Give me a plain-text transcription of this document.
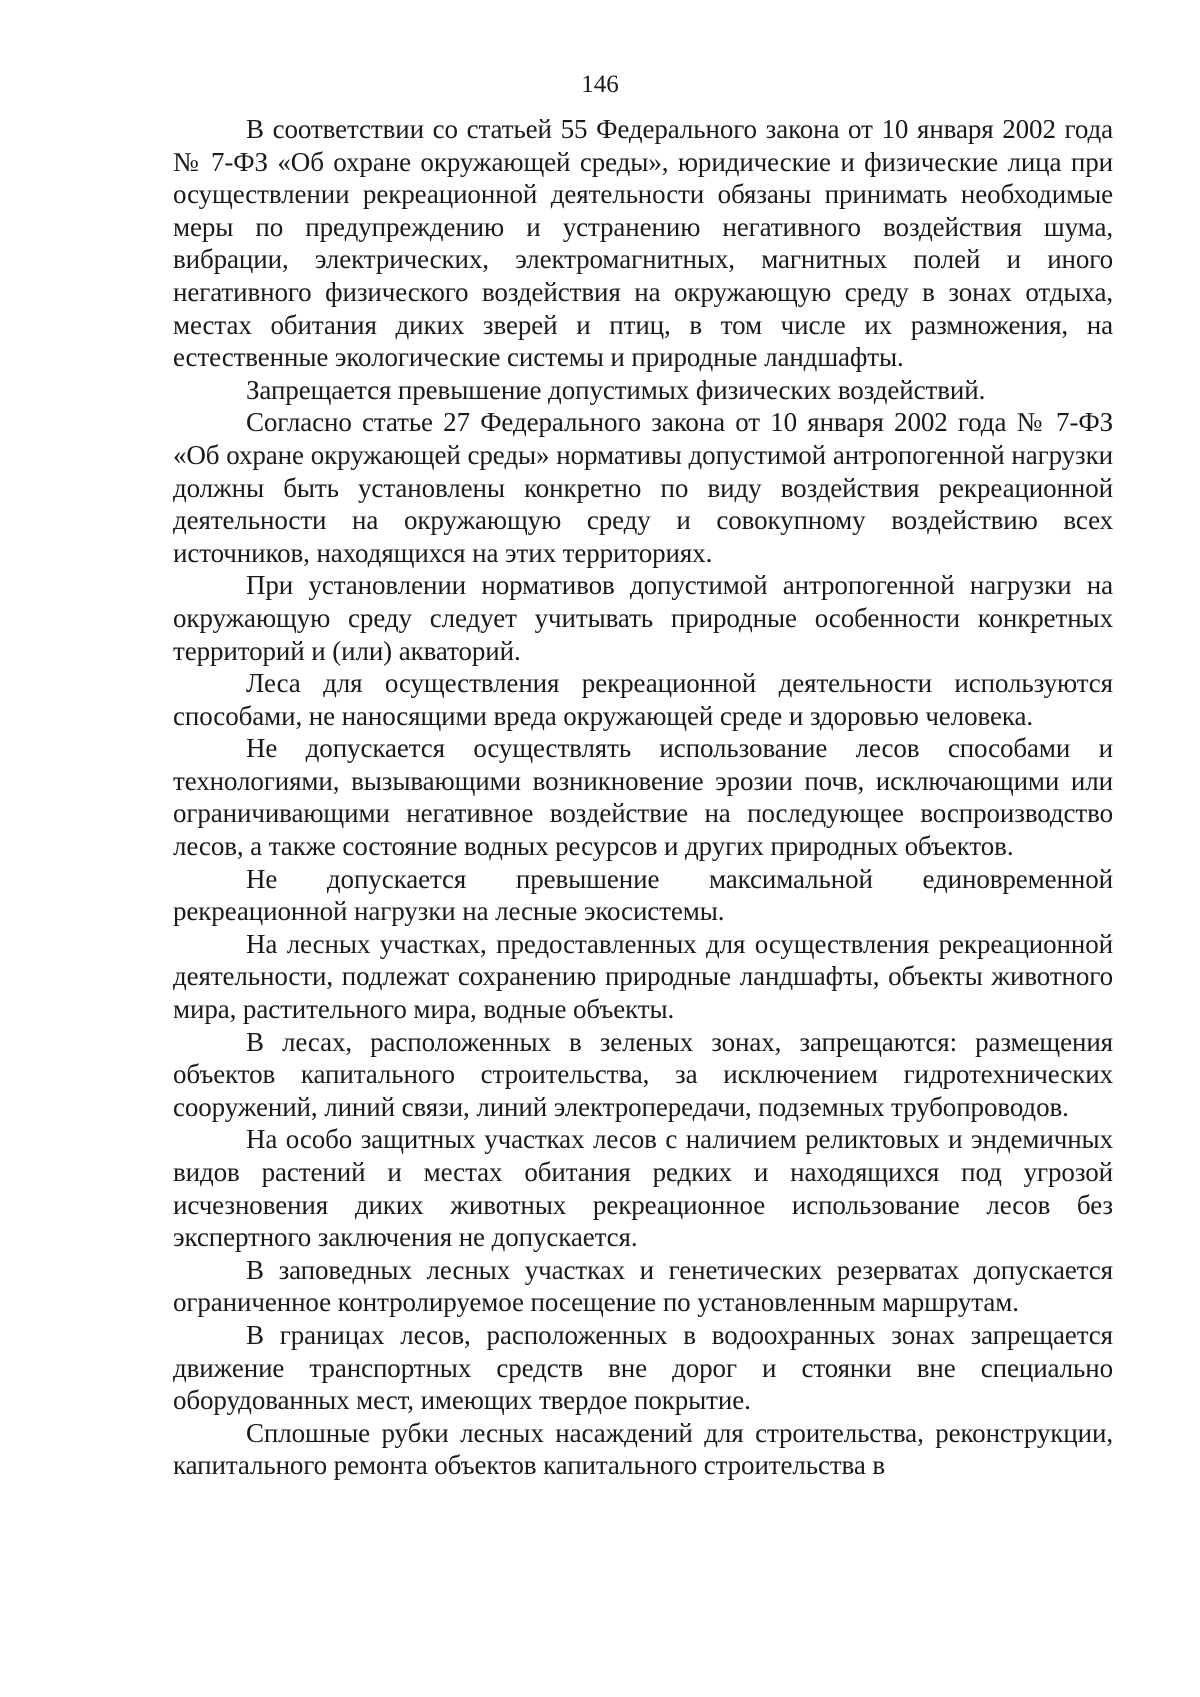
146

В соответствии со статьей 55 Федерального закона от 10 января 2002 года № 7-ФЗ «Об охране окружающей среды», юридические и физические лица при осуществлении рекреационной деятельности обязаны принимать необходимые меры по предупреждению и устранению негативного воздействия шума, вибрации, электрических, электромагнитных, магнитных полей и иного негативного физического воздействия на окружающую среду в зонах отдыха, местах обитания диких зверей и птиц, в том числе их размножения, на естественные экологические системы и природные ландшафты.

Запрещается превышение допустимых физических воздействий.

Согласно статье 27 Федерального закона от 10 января 2002 года № 7-ФЗ «Об охране окружающей среды» нормативы допустимой антропогенной нагрузки должны быть установлены конкретно по виду воздействия рекреационной деятельности на окружающую среду и совокупному воздействию всех источников, находящихся на этих территориях.

При установлении нормативов допустимой антропогенной нагрузки на окружающую среду следует учитывать природные особенности конкретных территорий и (или) акваторий.

Леса для осуществления рекреационной деятельности используются способами, не наносящими вреда окружающей среде и здоровью человека.

Не допускается осуществлять использование лесов способами и технологиями, вызывающими возникновение эрозии почв, исключающими или ограничивающими негативное воздействие на последующее воспроизводство лесов, а также состояние водных ресурсов и других природных объектов.

Не допускается превышение максимальной единовременной рекреационной нагрузки на лесные экосистемы.

На лесных участках, предоставленных для осуществления рекреационной деятельности, подлежат сохранению природные ландшафты, объекты животного мира, растительного мира, водные объекты.

В лесах, расположенных в зеленых зонах, запрещаются: размещения объектов капитального строительства, за исключением гидротехнических сооружений, линий связи, линий электропередачи, подземных трубопроводов.

На особо защитных участках лесов с наличием реликтовых и эндемичных видов растений и местах обитания редких и находящихся под угрозой исчезновения диких животных рекреационное использование лесов без экспертного заключения не допускается.

В заповедных лесных участках и генетических резерватах допускается ограниченное контролируемое посещение по установленным маршрутам.

В границах лесов, расположенных в водоохранных зонах запрещается движение транспортных средств вне дорог и стоянки вне специально оборудованных мест, имеющих твердое покрытие.

Сплошные рубки лесных насаждений для строительства, реконструкции, капитального ремонта объектов капитального строительства в
